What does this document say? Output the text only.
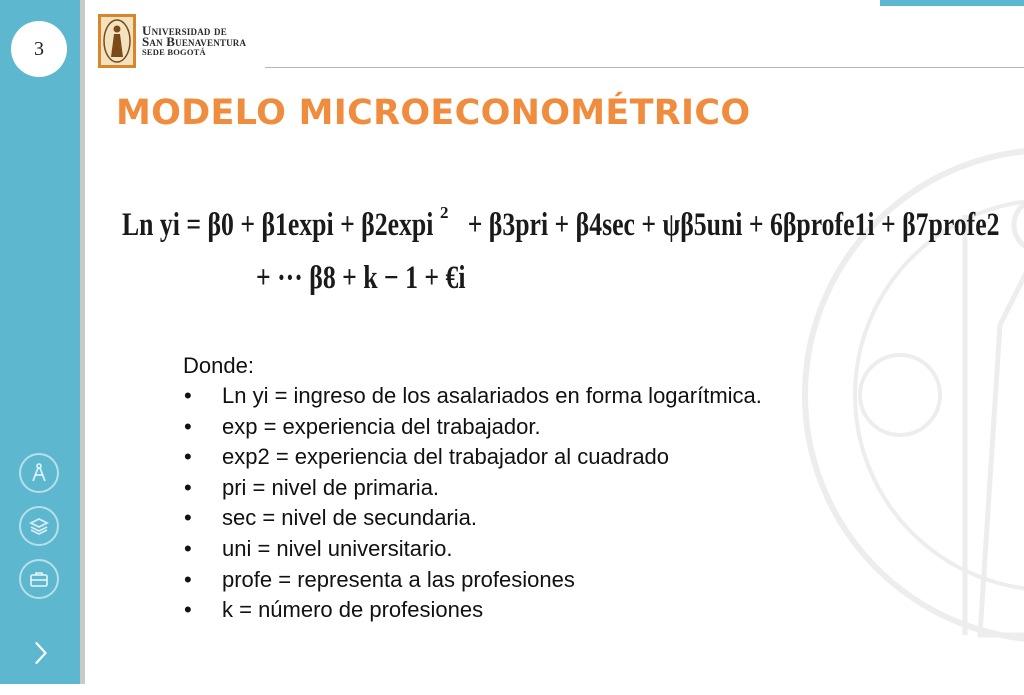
3
Universidad de
San Buenaventura
SEDE BOGOTÁ
MODELO MICROECONOMÉTRICO
Ln yi = β0 + β1expi + β2expi + β3pri + β4sec + ψβ5uni + 6βprofe1i + β7profe2
2
+ ··· β8 + k − 1 + €i
Donde:
• Ln yi = ingreso de los asalariados en forma logarítmica.
• exp = experiencia del trabajador.
• exp2 = experiencia del trabajador al cuadrado
• pri = nivel de primaria.
• sec = nivel de secundaria.
• uni = nivel universitario.
• profe = representa a las profesiones
• k = número de profesiones
